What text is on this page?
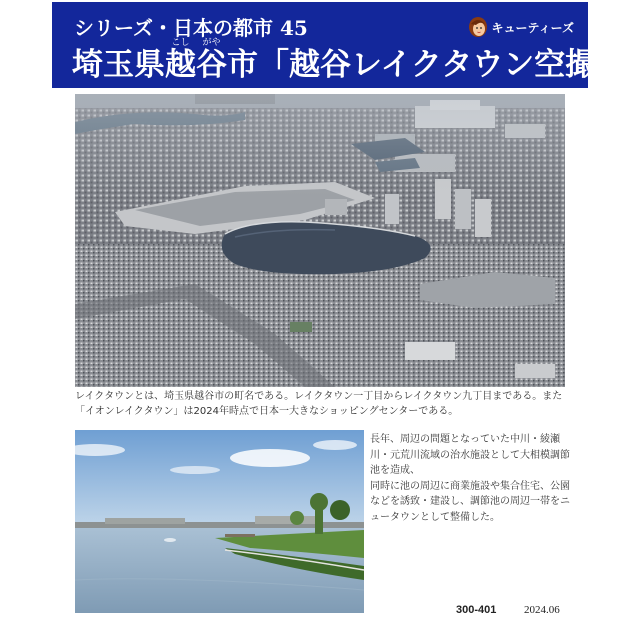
シリーズ・日本の都市 45	キューティーズ
埼玉県 越こし
谷がや
市「越谷レイクタウン空撮」
レイクタウンとは、埼玉県越谷市の町名である。レイクタウン一丁目からレイクタウン九丁目まである。また「イオンレイクタウン」は2024年時点で日本一大きなショッピングセンターである。

長年、周辺の問題となっていた中川・綾瀬川・元荒川流域の治水施設として大相模調節池を造成、

同時に池の周辺に商業施設や集合住宅、公園などを誘致・建設し、調節池の周辺一帯をニュータウンとして整備した。

300-401	2024.06
